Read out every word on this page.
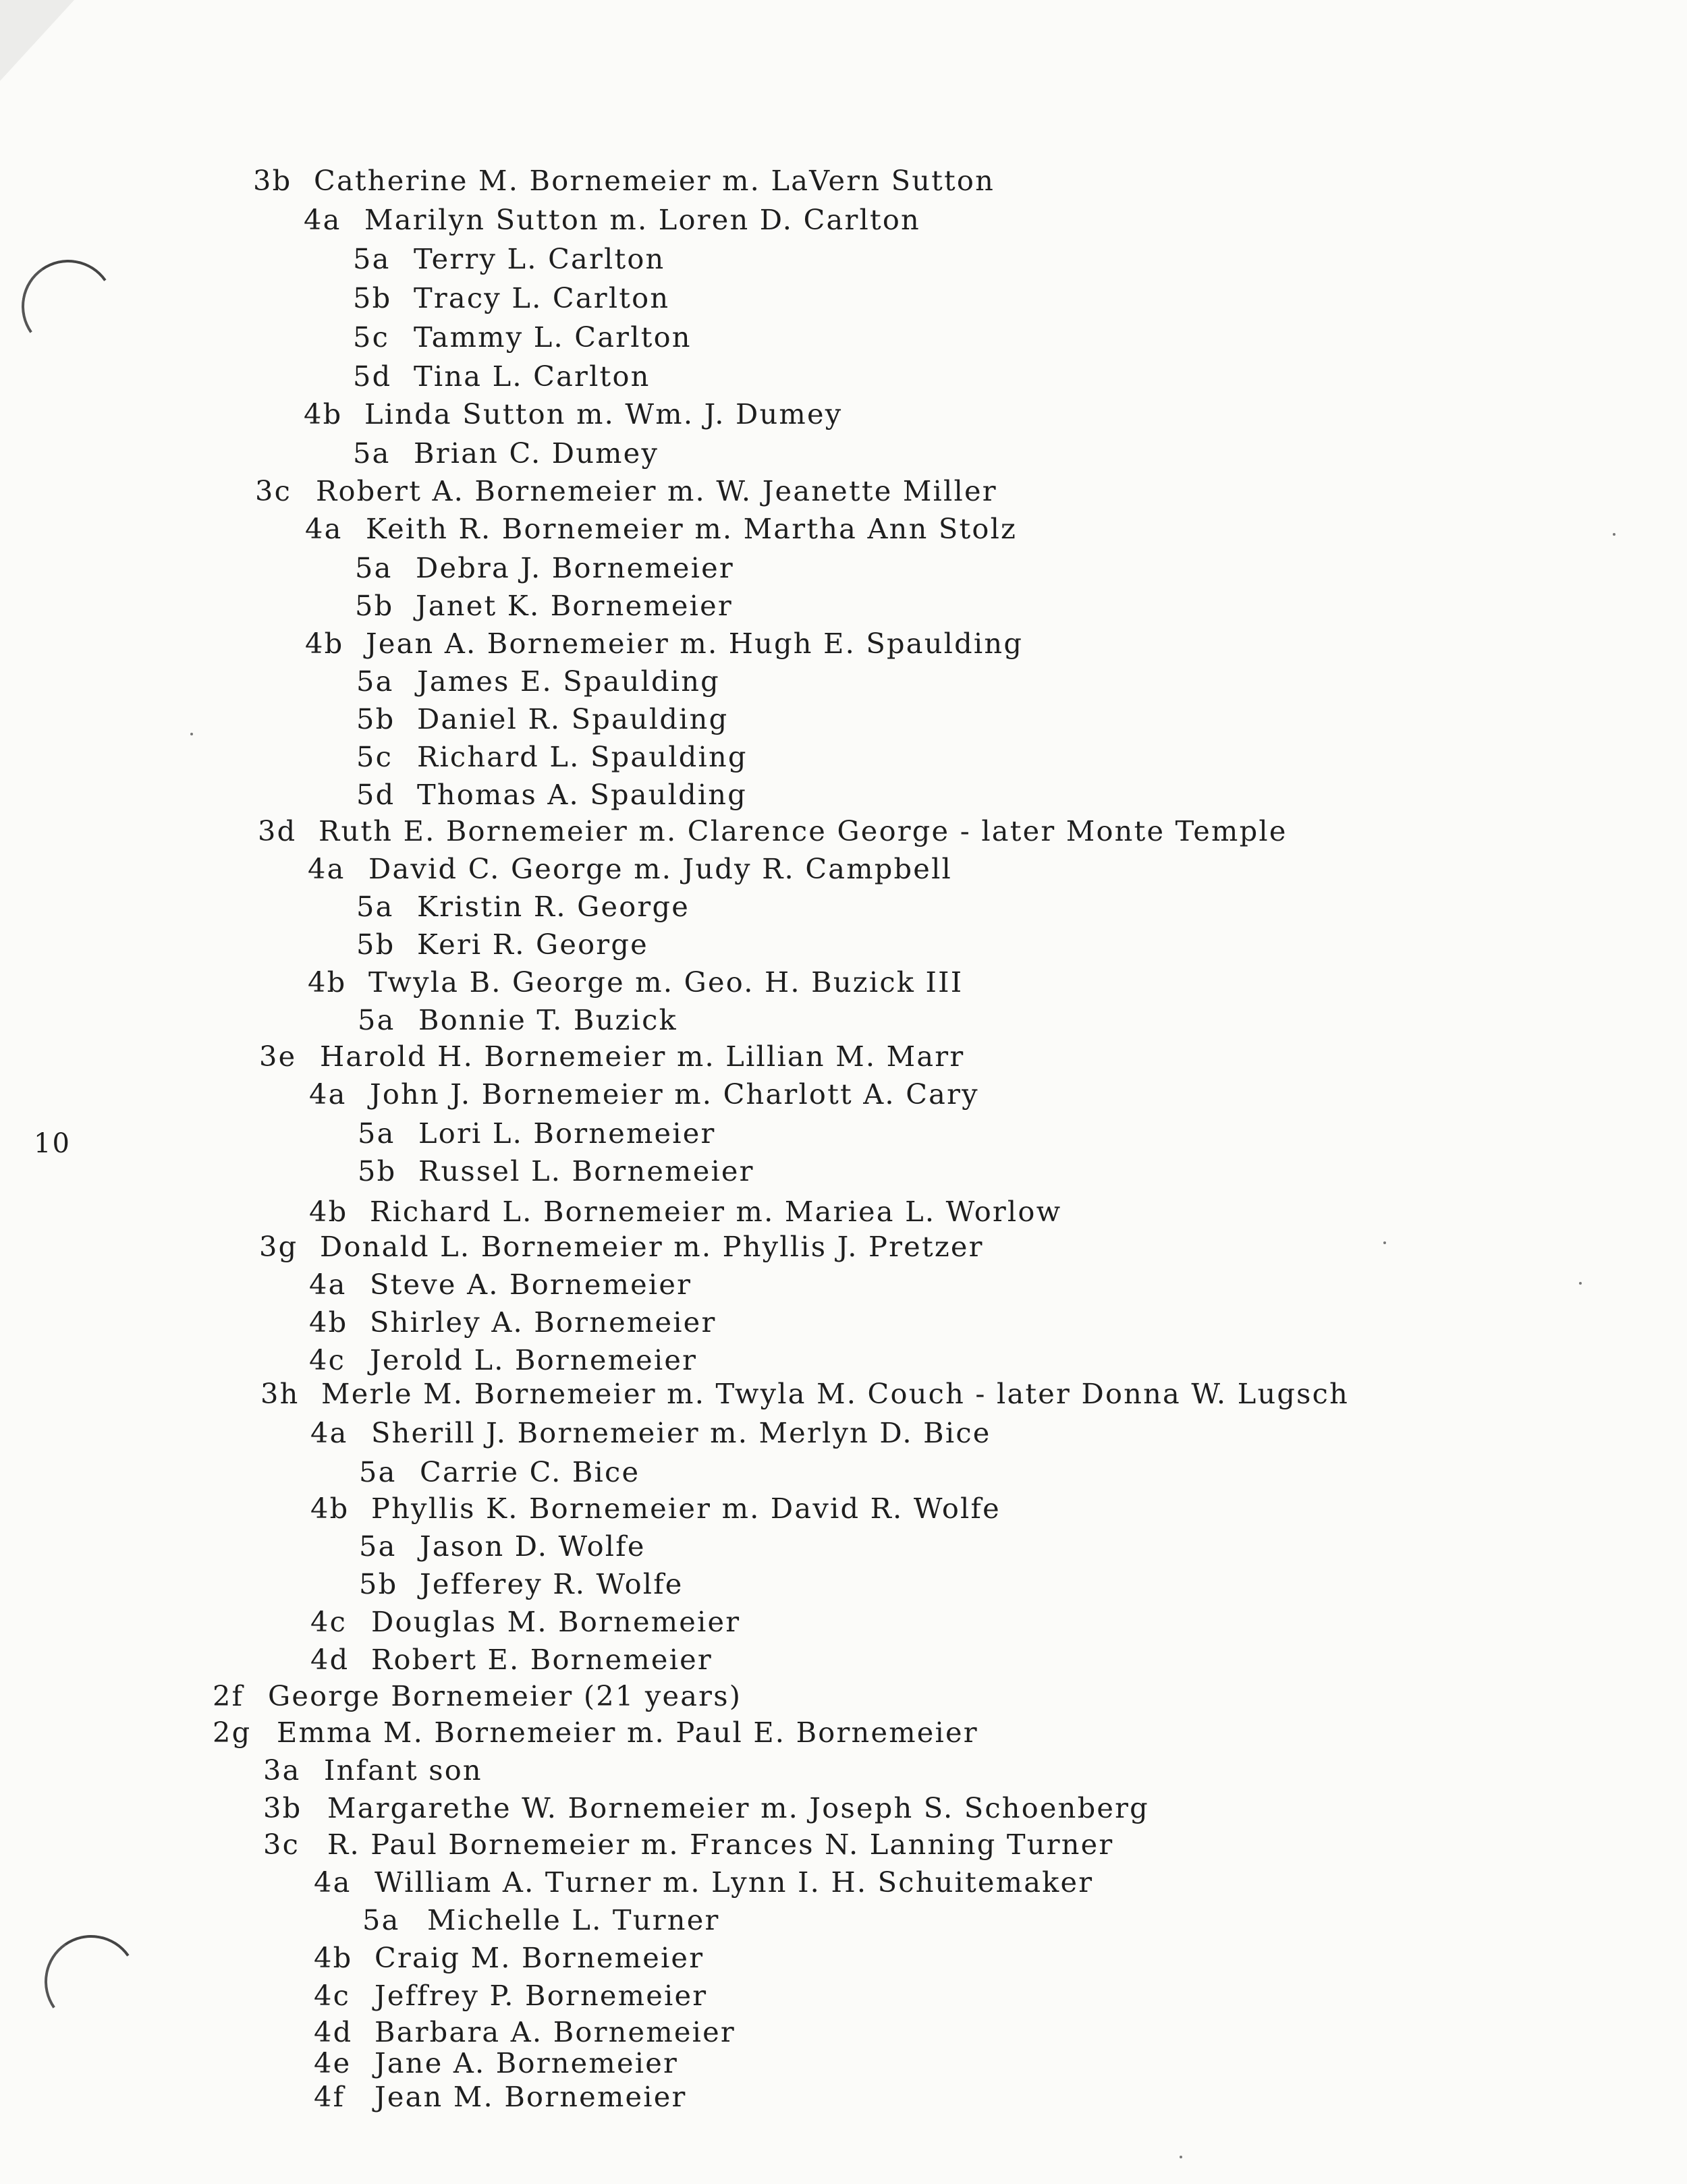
10
3b Catherine M. Bornemeier m. LaVern Sutton
4a Marilyn Sutton m. Loren D. Carlton
5a Terry L. Carlton
5b Tracy L. Carlton
5c Tammy L. Carlton
5d Tina L. Carlton
4b Linda Sutton m. Wm. J. Dumey
5a Brian C. Dumey
3c Robert A. Bornemeier m. W. Jeanette Miller
4a Keith R. Bornemeier m. Martha Ann Stolz
5a Debra J. Bornemeier
5b Janet K. Bornemeier
4b Jean A. Bornemeier m. Hugh E. Spaulding
5a James E. Spaulding
5b Daniel R. Spaulding
5c Richard L. Spaulding
5d Thomas A. Spaulding
3d Ruth E. Bornemeier m. Clarence George - later Monte Temple
4a David C. George m. Judy R. Campbell
5a Kristin R. George
5b Keri R. George
4b Twyla B. George m. Geo. H. Buzick III
5a Bonnie T. Buzick
3e Harold H. Bornemeier m. Lillian M. Marr
4a John J. Bornemeier m. Charlott A. Cary
5a Lori L. Bornemeier
5b Russel L. Bornemeier
4b Richard L. Bornemeier m. Mariea L. Worlow
3g Donald L. Bornemeier m. Phyllis J. Pretzer
4a Steve A. Bornemeier
4b Shirley A. Bornemeier
4c Jerold L. Bornemeier
3h Merle M. Bornemeier m. Twyla M. Couch - later Donna W. Lugsch
4a Sherill J. Bornemeier m. Merlyn D. Bice
5a Carrie C. Bice
4b Phyllis K. Bornemeier m. David R. Wolfe
5a Jason D. Wolfe
5b Jefferey R. Wolfe
4c Douglas M. Bornemeier
4d Robert E. Bornemeier
2f George Bornemeier (21 years)
2g Emma M. Bornemeier m. Paul E. Bornemeier
3a Infant son
3b Margarethe W. Bornemeier m. Joseph S. Schoenberg
3c R. Paul Bornemeier m. Frances N. Lanning Turner
4a William A. Turner m. Lynn I. H. Schuitemaker
5a Michelle L. Turner
4b Craig M. Bornemeier
4c Jeffrey P. Bornemeier
4d Barbara A. Bornemeier
4e Jane A. Bornemeier
4f Jean M. Bornemeier
